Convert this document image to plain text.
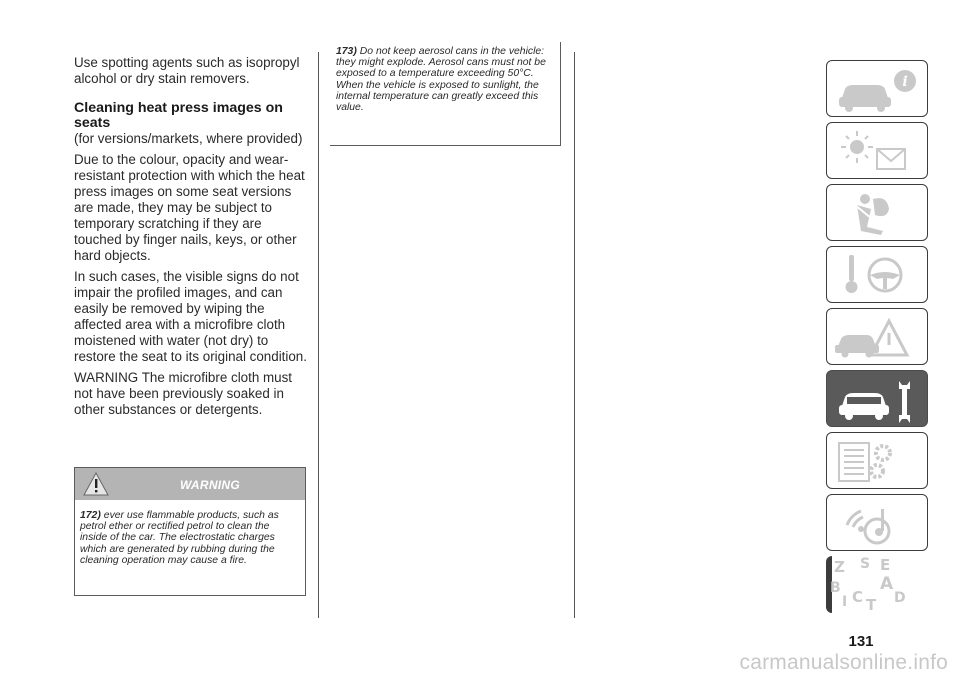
Use spotting agents such as isopropyl alcohol or dry stain removers.

Cleaning heat press images on seats

(for versions/markets, where provided)

Due to the colour, opacity and wear-resistant protection with which the heat press images on some seat versions are made, they may be subject to temporary scratching if they are touched by finger nails, keys, or other hard objects.

In such cases, the visible signs do not impair the profiled images, and can easily be removed by wiping the affected area with a microfibre cloth moistened with water (not dry) to restore the seat to its original condition.

WARNING The microfibre cloth must not have been previously soaked in other substances or detergents.

WARNING
172) ever use flammable products, such as petrol ether or rectified petrol to clean the inside of the car. The electrostatic charges which are generated by rubbing during the cleaning operation may cause a fire.
173) Do not keep aerosol cans in the vehicle: they might explode. Aerosol cans must not be exposed to a temperature exceeding 50°C. When the vehicle is exposed to sunlight, the internal temperature can greatly exceed this value.
i
Z S E
B A
I C T D
131
carmanualsonline.info
